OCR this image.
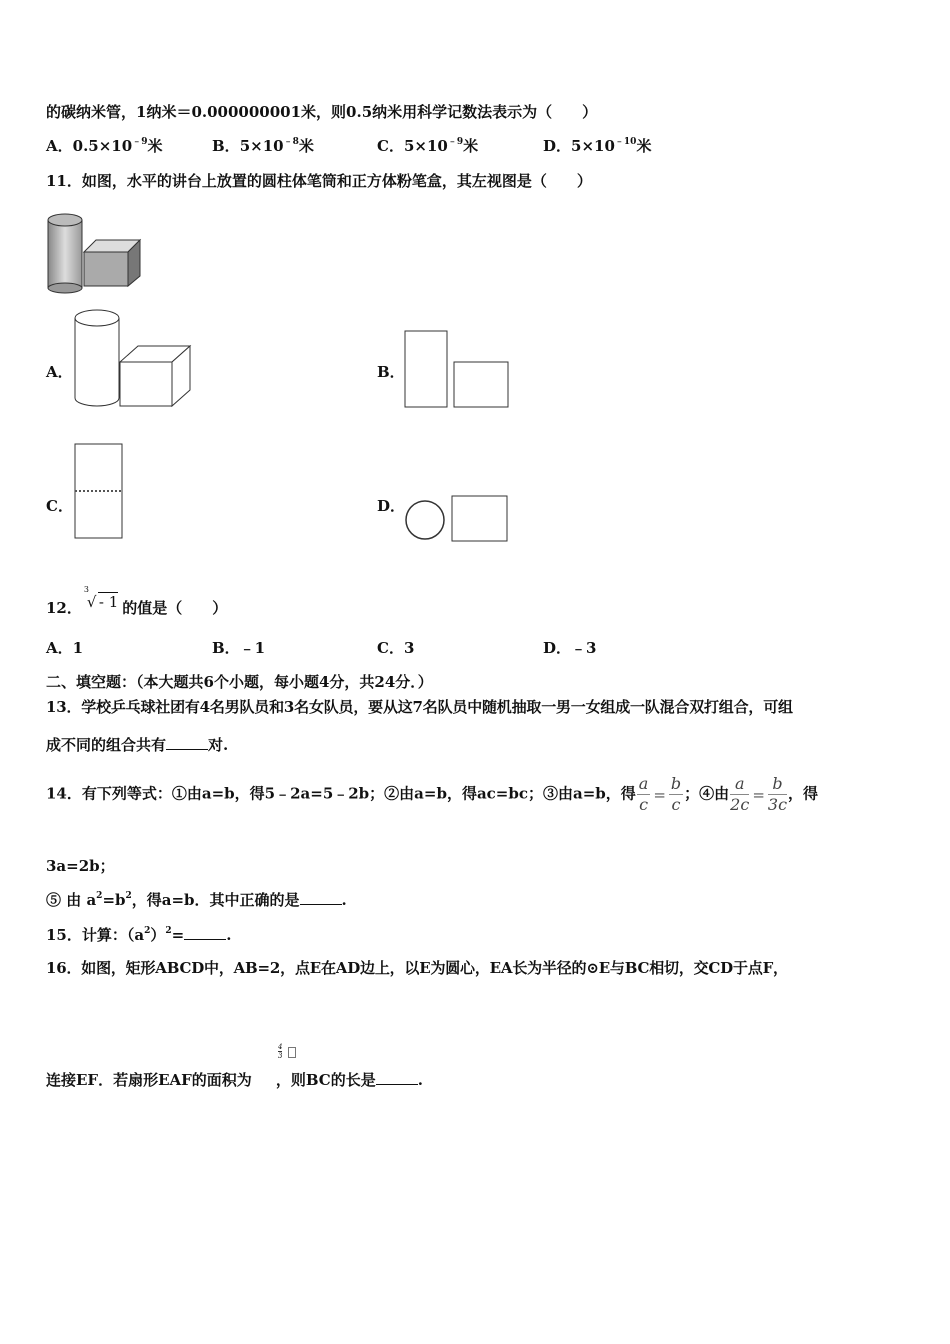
的碳纳米管，1纳米＝0.000000001米，则0.5纳米用科学记数法表示为（　　）
A．$0.5\times 10^{﹣9}$米	B．$5\times 10^{﹣8}$米	C．$5\times 10^{﹣9}$米	D．$5\times 10^{﹣10}$米
11．如图，水平的讲台上放置的圆柱体笔筒和正方体粉笔盒，其左视图是（　　）
A．	B．
C．	D．
12．
3
√ - 1 的值是（　　）
A．1	B．﹣1	C．3	D．﹣3
二、填空题：（本大题共6个小题，每小题4分，共24分．）
13．学校乒乓球社团有4名男队员和3名女队员，要从这7名队员中随机抽取一男一女组成一队混合双打组合，可组
成不同的组合共有	对.
14．有下列等式：①由a=b，得5﹣2a=5﹣2b；②由a=b，得ac=bc；③由a=b，得 $\frac{a}{c} = \frac{b}{c}$ ；④由 $\frac{a}{2c} = \frac{b}{3c}$ ，得
3a=2b；
⑤ 由 $a^2=b^2$，得a=b．其中正确的是	.
15．计算：$(a^2)^2=$	.
16．如图，矩形ABCD中，AB=2，点E在AD边上，以E为圆心，EA长为半径的⊙E与BC相切，交CD于点F，
4
3
连接EF．若扇形EAF的面积为 ，则BC的长是	.
